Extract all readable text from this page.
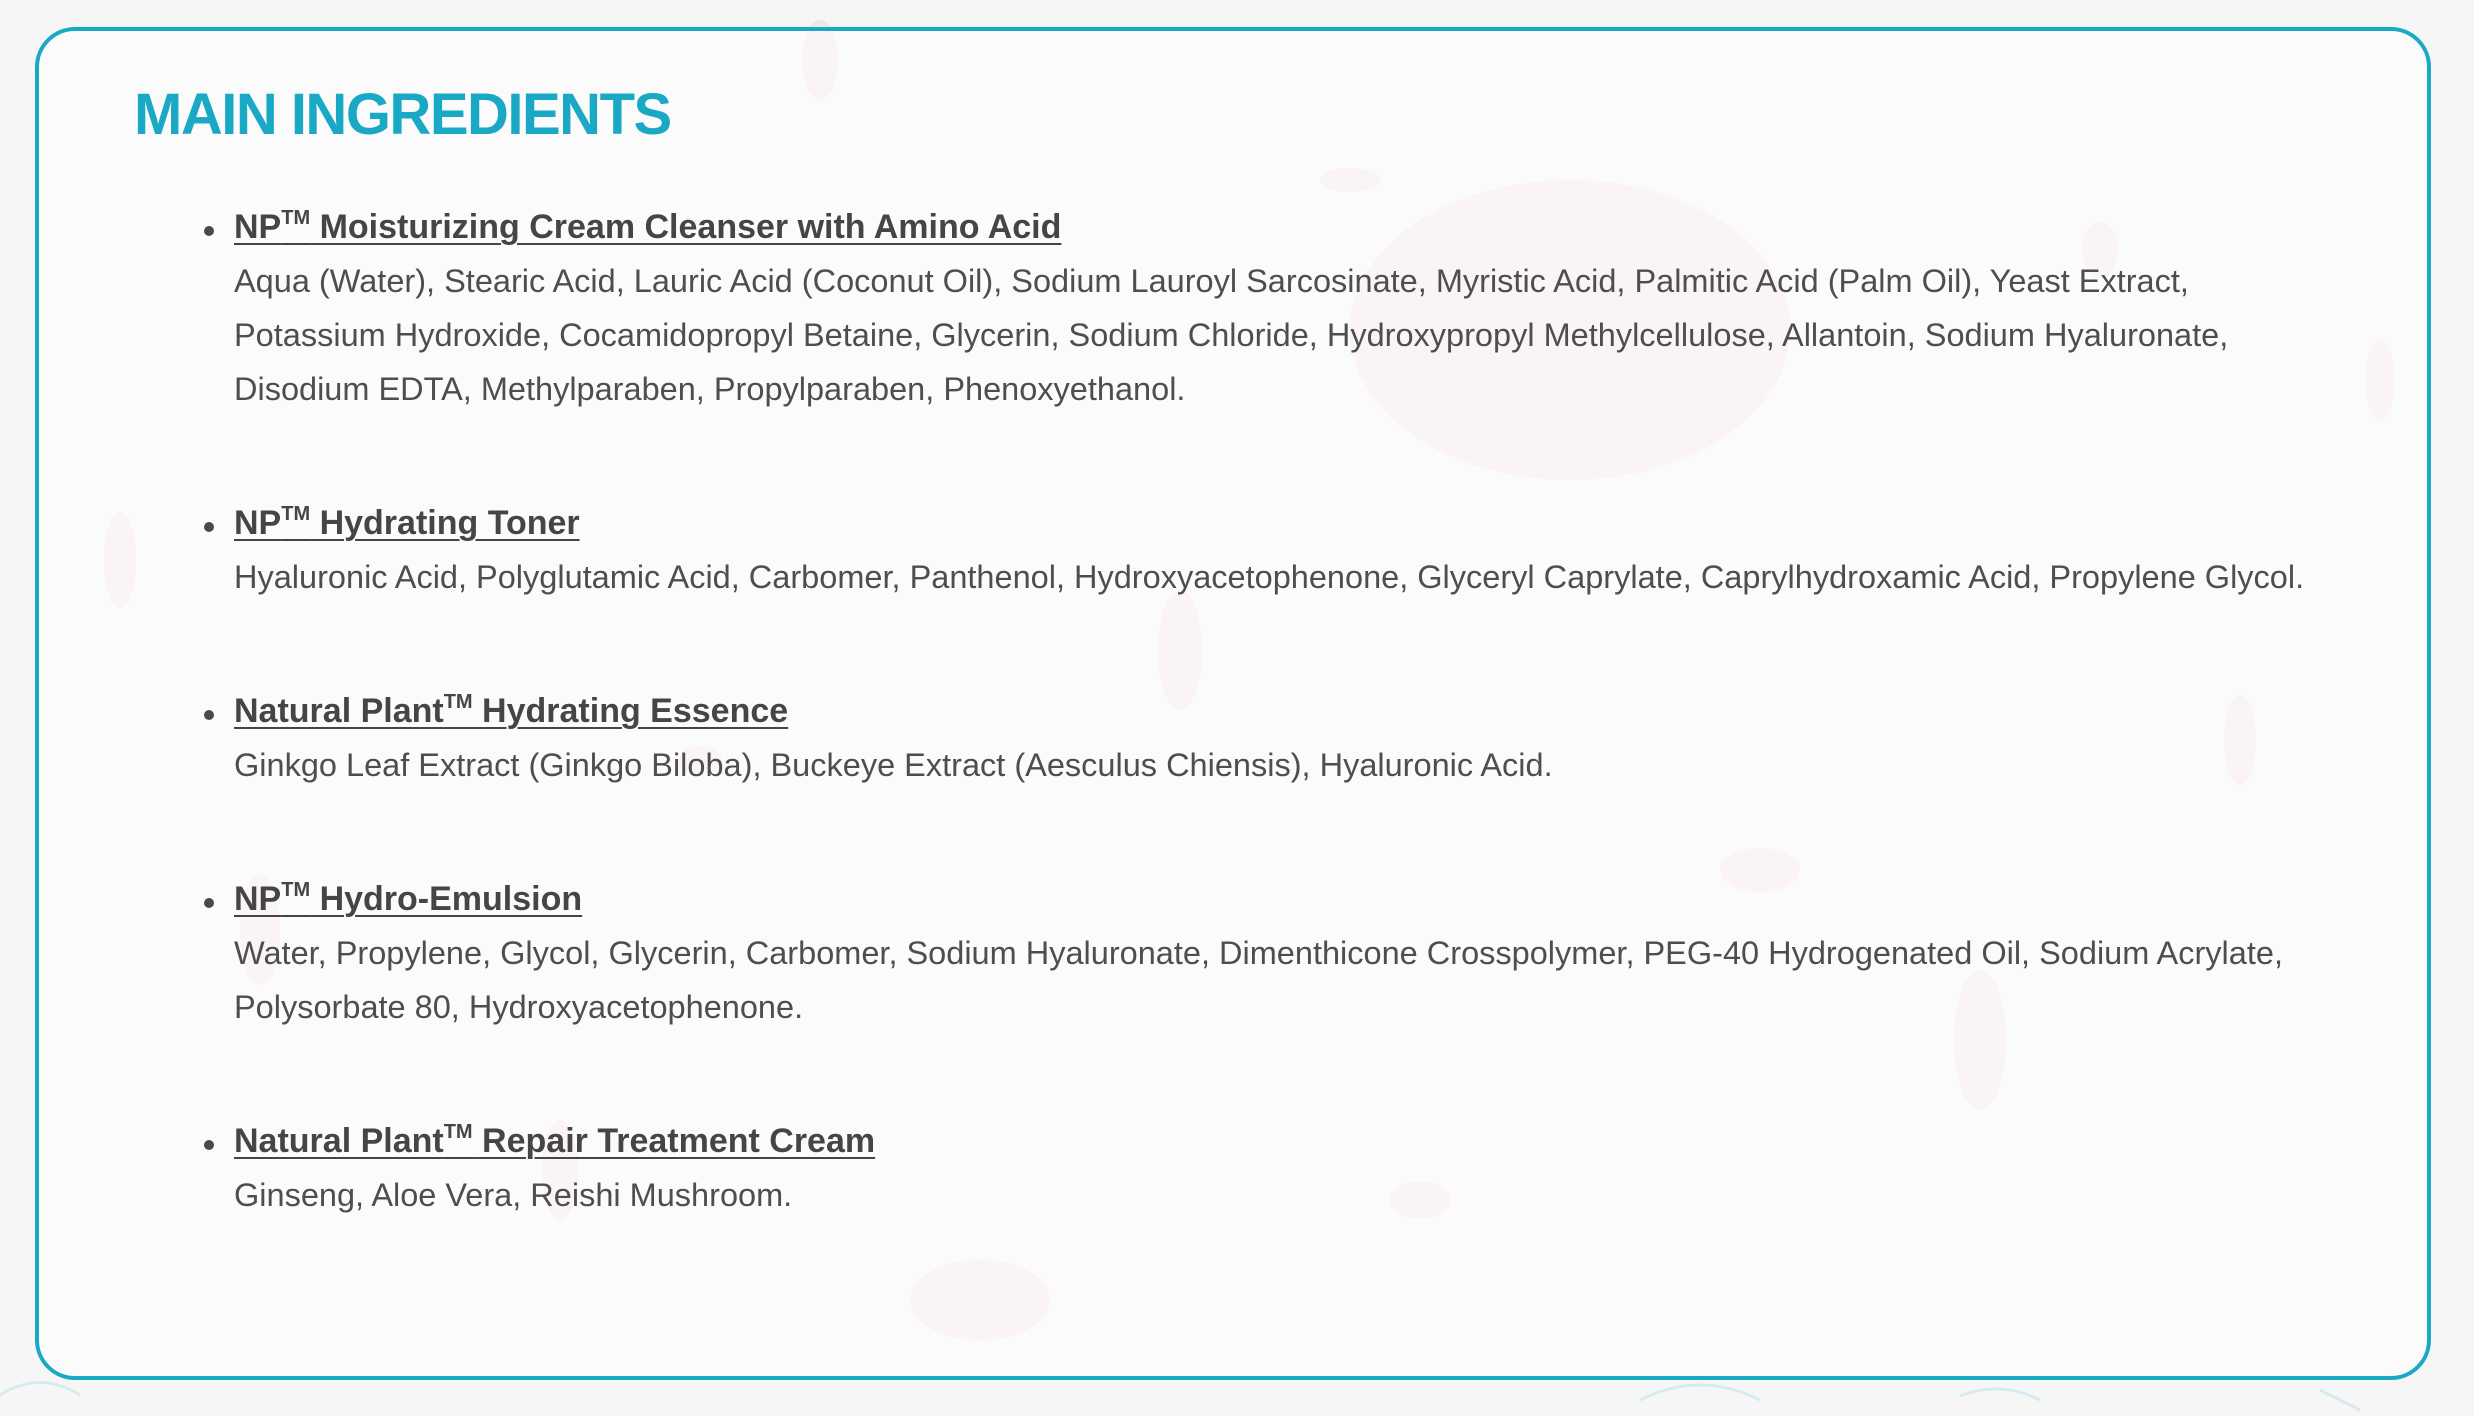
MAIN INGREDIENTS
NP™ Moisturizing Cream Cleanser with Amino Acid
Aqua (Water), Stearic Acid, Lauric Acid (Coconut Oil), Sodium Lauroyl Sarcosinate, Myristic Acid, Palmitic Acid (Palm Oil), Yeast Extract, Potassium Hydroxide, Cocamidopropyl Betaine, Glycerin, Sodium Chloride, Hydroxypropyl Methylcellulose, Allantoin, Sodium Hyaluronate, Disodium EDTA, Methylparaben, Propylparaben, Phenoxyethanol.
NP™ Hydrating Toner
Hyaluronic Acid, Polyglutamic Acid, Carbomer, Panthenol, Hydroxyacetophenone, Glyceryl Caprylate, Caprylhydroxamic Acid, Propylene Glycol.
Natural Plant™ Hydrating Essence
Ginkgo Leaf Extract (Ginkgo Biloba), Buckeye Extract (Aesculus Chiensis), Hyaluronic Acid.
NP™ Hydro-Emulsion
Water, Propylene, Glycol, Glycerin, Carbomer, Sodium Hyaluronate, Dimenthicone Crosspolymer, PEG-40 Hydrogenated Oil, Sodium Acrylate, Polysorbate 80, Hydroxyacetophenone.
Natural Plant™ Repair Treatment Cream
Ginseng, Aloe Vera, Reishi Mushroom.
